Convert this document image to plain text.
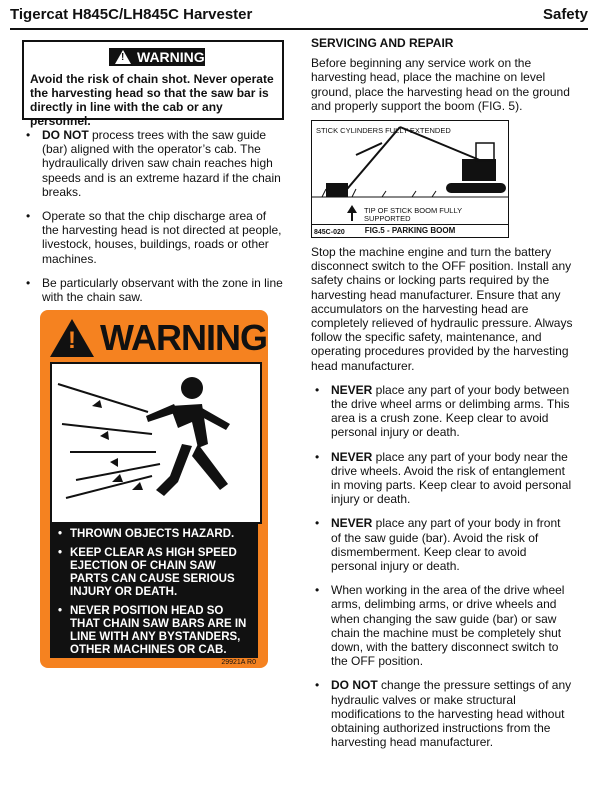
Tigercat H845C/LH845C Harvester	Safety
! WARNING
Avoid the risk of chain shot. Never operate the harvesting head so that the saw bar is directly in line with the cab or any personnel.
• DO NOT process trees with the saw guide (bar) aligned with the operator’s cab. The hydraulically driven saw chain reaches high speeds and is an extreme hazard if the chain breaks.
• Operate so that the chip discharge area of the harvesting head is not directed at people, livestock, houses, buildings, roads or other machines.
• Be particularly observant with the zone in line with the chain saw.
! WARNING
• THROWN OBJECTS HAZARD.
• KEEP CLEAR AS HIGH SPEED EJECTION OF CHAIN SAW PARTS CAN CAUSE SERIOUS INJURY OR DEATH.
• NEVER POSITION HEAD SO THAT CHAIN SAW BARS ARE IN LINE WITH ANY BYSTANDERS, OTHER MACHINES OR CAB.
29921A R0
SERVICING AND REPAIR
Before beginning any service work on the harvesting head, place the machine on level ground, place the harvesting head on the ground and properly support the boom (FIG. 5).
STICK CYLINDERS FULLY EXTENDED
TIP OF STICK BOOM FULLY SUPPORTED
FIG.5 - PARKING BOOM
845C-020
Stop the machine engine and turn the battery disconnect switch to the OFF position. Install any safety chains or locking parts required by the harvesting head manufacturer. Ensure that any accumulators on the harvesting head are completely relieved of hydraulic pressure. Always follow the specific safety, maintenance, and operating procedures provided by the harvesting head manufacturer.
• NEVER place any part of your body between the drive wheel arms or delimbing arms. This area is a crush zone. Keep clear to avoid personal injury or death.
• NEVER place any part of your body near the drive wheels. Avoid the risk of entanglement in moving parts. Keep clear to avoid personal injury or death.
• NEVER place any part of your body in front of the saw guide (bar). Avoid the risk of dismemberment. Keep clear to avoid personal injury or death.
• When working in the area of the drive wheel arms, delimbing arms, or drive wheels and when changing the saw guide (bar) or saw chain the machine must be completely shut down, with the battery disconnect switch to the OFF position.
• DO NOT change the pressure settings of any hydraulic valves or make structural modifications to the harvesting head without obtaining authorized instructions from the harvesting head manufacturer.
